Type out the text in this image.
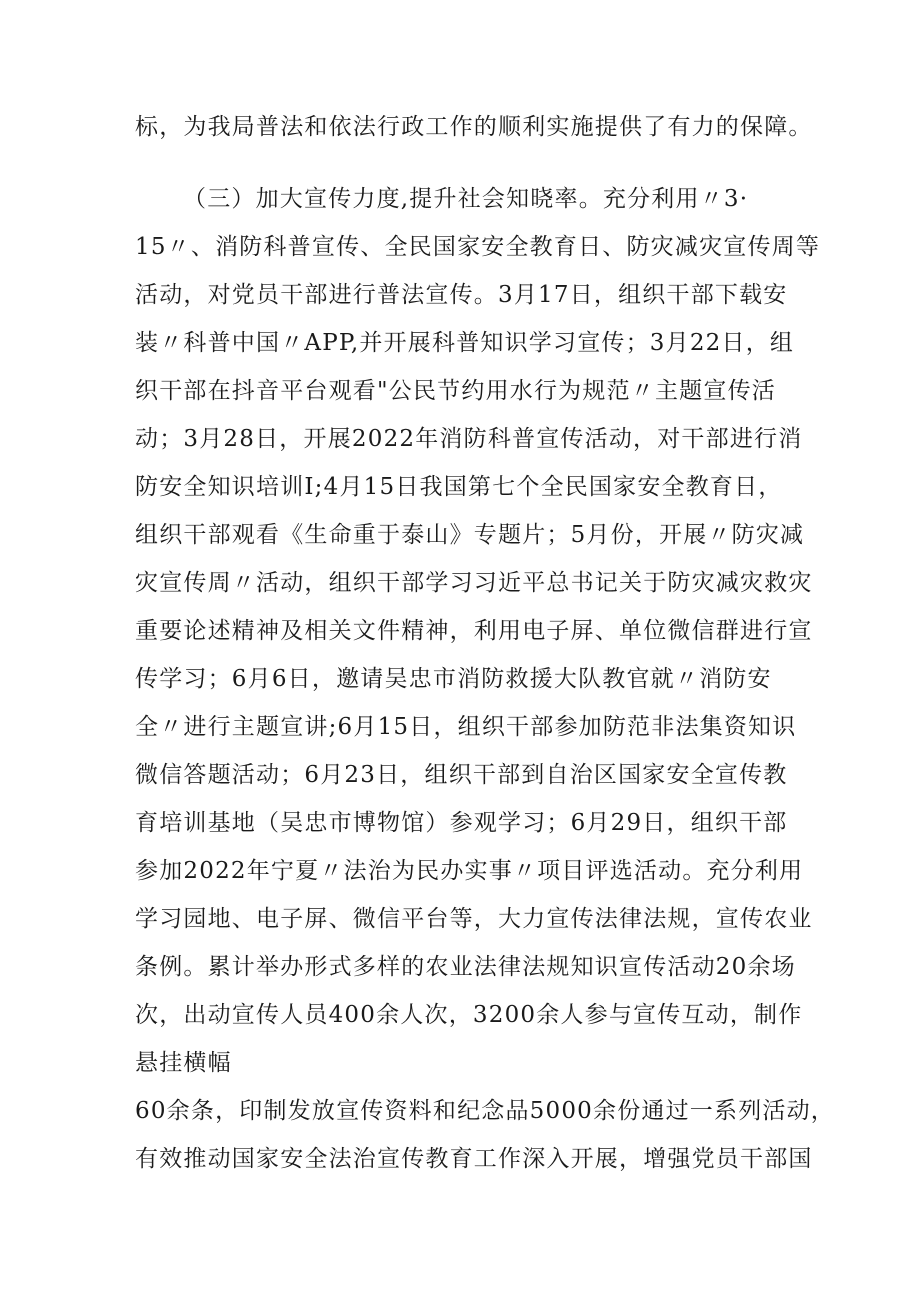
标，为我局普法和依法行政工作的顺利实施提供了有力的保障。
（三）加大宣传力度,提升社会知晓率。充分利用〃3·
15〃、消防科普宣传、全民国家安全教育日、防灾减灾宣传周等
活动，对党员干部进行普法宣传。3月17日，组织干部下载安
装〃科普中国〃APP,并开展科普知识学习宣传；3月22日，组
织干部在抖音平台观看"公民节约用水行为规范〃主题宣传活
动；3月28日，开展2022年消防科普宣传活动，对干部进行消
防安全知识培训I;4月15日我国第七个全民国家安全教育日，
组织干部观看《生命重于泰山》专题片；5月份，开展〃防灾减
灾宣传周〃活动，组织干部学习习近平总书记关于防灾减灾救灾
重要论述精神及相关文件精神，利用电子屏、单位微信群进行宣
传学习；6月6日，邀请吴忠市消防救援大队教官就〃消防安
全〃进行主题宣讲;6月15日，组织干部参加防范非法集资知识
微信答题活动；6月23日，组织干部到自治区国家安全宣传教
育培训基地（吴忠市博物馆）参观学习；6月29日，组织干部
参加2022年宁夏〃法治为民办实事〃项目评选活动。充分利用
学习园地、电子屏、微信平台等，大力宣传法律法规，宣传农业
条例。累计举办形式多样的农业法律法规知识宣传活动20余场
次，出动宣传人员400余人次，3200余人参与宣传互动，制作
悬挂横幅
60余条，印制发放宣传资料和纪念品5000余份通过一系列活动，
有效推动国家安全法治宣传教育工作深入开展，增强党员干部国
